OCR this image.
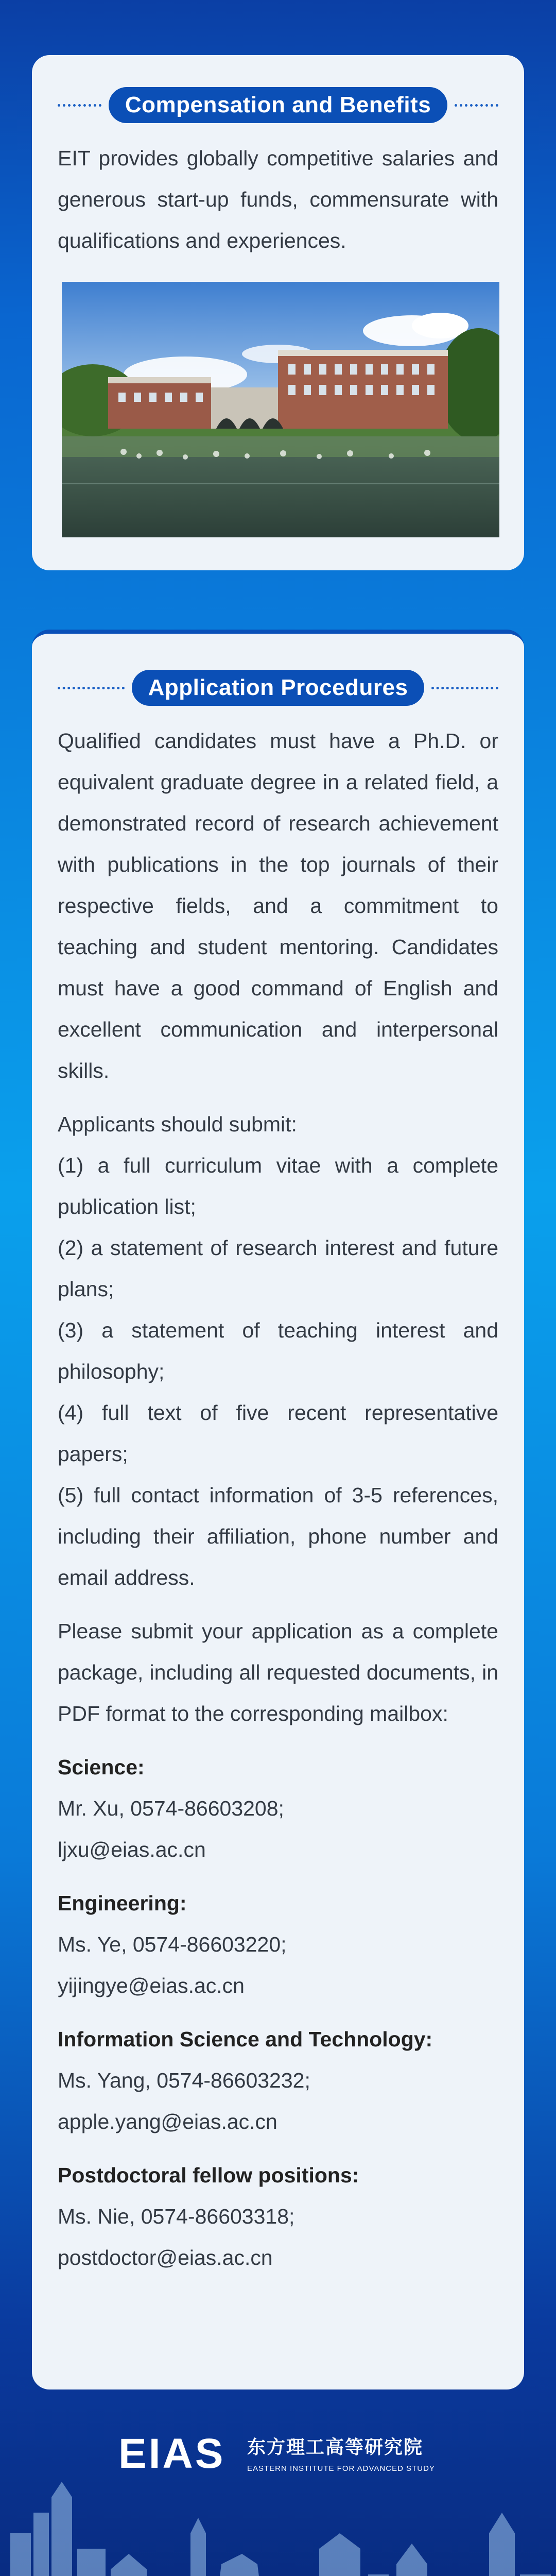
Compensation and Benefits
EIT provides globally competitive salaries and generous start-up funds, commensurate with qualifications and experiences.
Application Procedures

Qualified candidates must have a Ph.D. or equivalent graduate degree in a related field, a demonstrated record of research achievement with publications in the top journals of their respective fields, and a commitment to teaching and student mentoring. Candidates must have a good command of English and excellent communication and interpersonal skills.

Applicants should submit:
(1) a full curriculum vitae with a complete publication list;
(2) a statement of research interest and future plans;
(3) a statement of teaching interest and philosophy;
(4) full text of five recent representative papers;
(5) full contact information of 3-5 references, including their affiliation, phone number and email address.

Please submit your application as a complete package, including all requested documents, in PDF format to the corresponding mailbox:

Science:
Mr. Xu, 0574-86603208;
ljxu@eias.ac.cn
Engineering:
Ms. Ye, 0574-86603220;
yijingye@eias.ac.cn
Information Science and Technology:
Ms. Yang, 0574-86603232;
apple.yang@eias.ac.cn
Postdoctoral fellow positions:
Ms. Nie, 0574-86603318;
postdoctor@eias.ac.cn
EIAS 东方理工高等研究院
EASTERN INSTITUTE FOR ADVANCED STUDY
